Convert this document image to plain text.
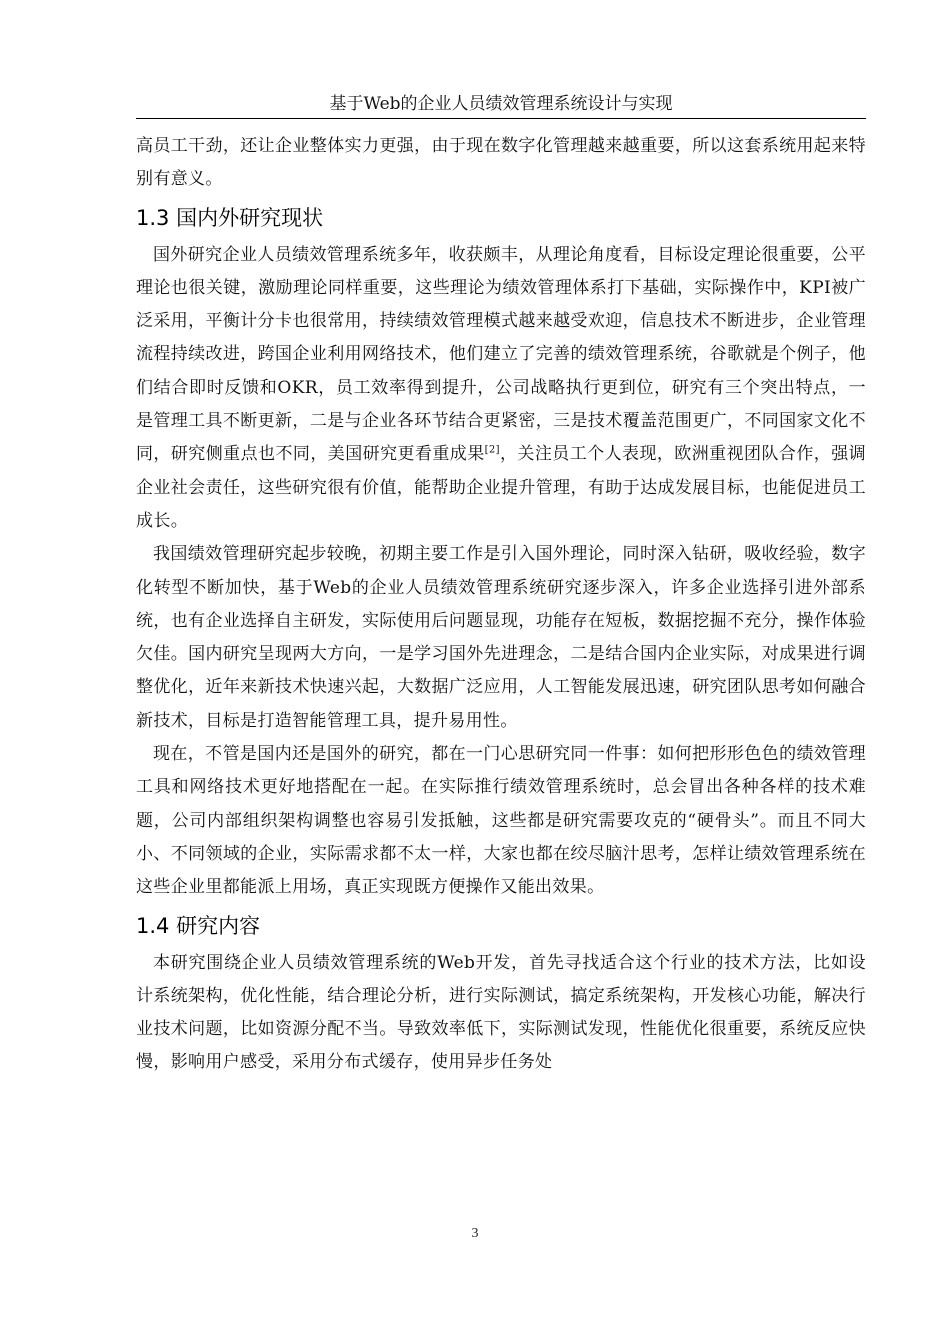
基于Web的企业人员绩效管理系统设计与实现

高员工干劲，还让企业整体实力更强，由于现在数字化管理越来越重要，所以这套系统用起来特别有意义。

1.3 国内外研究现状

国外研究企业人员绩效管理系统多年，收获颇丰，从理论角度看，目标设定理论很重要，公平理论也很关键，激励理论同样重要，这些理论为绩效管理体系打下基础，实际操作中，KPI被广泛采用，平衡计分卡也很常用，持续绩效管理模式越来越受欢迎，信息技术不断进步，企业管理流程持续改进，跨国企业利用网络技术，他们建立了完善的绩效管理系统，谷歌就是个例子，他们结合即时反馈和OKR，员工效率得到提升，公司战略执行更到位，研究有三个突出特点，一是管理工具不断更新，二是与企业各环节结合更紧密，三是技术覆盖范围更广，不同国家文化不同，研究侧重点也不同，美国研究更看重成果[2]，关注员工个人表现，欧洲重视团队合作，强调企业社会责任，这些研究很有价值，能帮助企业提升管理，有助于达成发展目标，也能促进员工成长。

我国绩效管理研究起步较晚，初期主要工作是引入国外理论，同时深入钻研，吸收经验，数字化转型不断加快，基于Web的企业人员绩效管理系统研究逐步深入，许多企业选择引进外部系统，也有企业选择自主研发，实际使用后问题显现，功能存在短板，数据挖掘不充分，操作体验欠佳。国内研究呈现两大方向，一是学习国外先进理念，二是结合国内企业实际，对成果进行调整优化，近年来新技术快速兴起，大数据广泛应用，人工智能发展迅速，研究团队思考如何融合新技术，目标是打造智能管理工具，提升易用性。

现在，不管是国内还是国外的研究，都在一门心思研究同一件事：如何把形形色色的绩效管理工具和网络技术更好地搭配在一起。在实际推行绩效管理系统时，总会冒出各种各样的技术难题，公司内部组织架构调整也容易引发抵触，这些都是研究需要攻克的“硬骨头”。而且不同大小、不同领域的企业，实际需求都不太一样，大家也都在绞尽脑汁思考，怎样让绩效管理系统在这些企业里都能派上用场，真正实现既方便操作又能出效果。

1.4 研究内容

本研究围绕企业人员绩效管理系统的Web开发，首先寻找适合这个行业的技术方法，比如设计系统架构，优化性能，结合理论分析，进行实际测试，搞定系统架构，开发核心功能，解决行业技术问题，比如资源分配不当。导致效率低下，实际测试发现，性能优化很重要，系统反应快慢，影响用户感受，采用分布式缓存，使用异步任务处

3
